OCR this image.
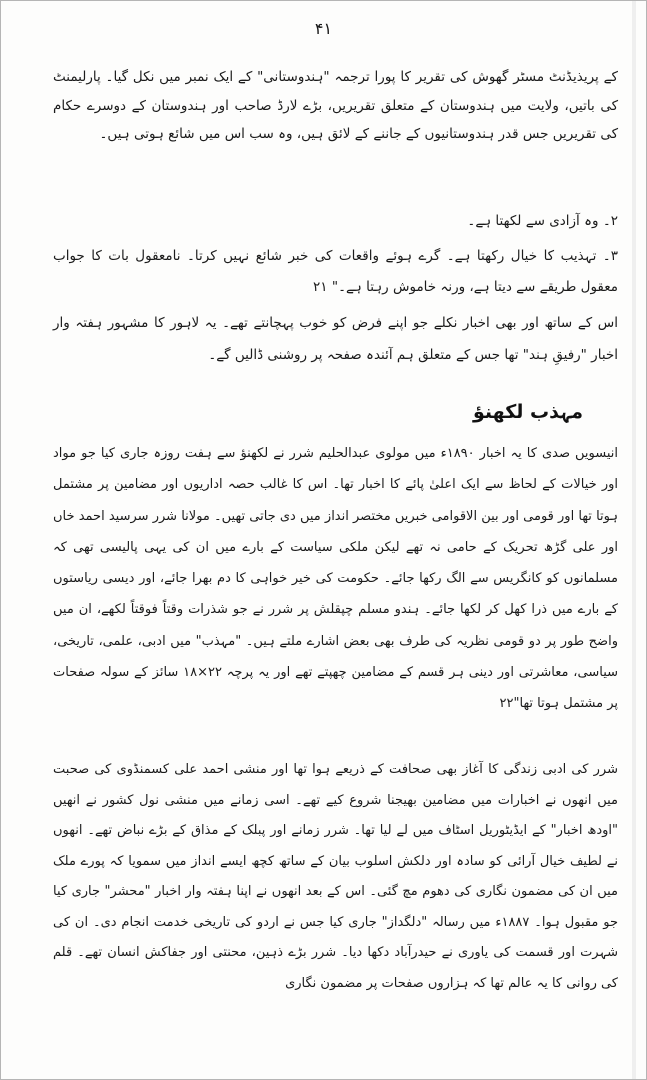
۴۱

کے پریذیڈنٹ مسٹر گھوش کی تقریر کا پورا ترجمہ "ہندوستانی" کے ایک نمبر میں نکل گیا۔ پارلیمنٹ کی باتیں، ولایت میں ہندوستان کے متعلق تقریریں، بڑے لارڈ صاحب اور ہندوستان کے دوسرے حکام کی تقریریں جس قدر ہندوستانیوں کے جاننے کے لائق ہیں، وہ سب اس میں شائع ہوتی ہیں۔

۲۔ وہ آزادی سے لکھتا ہے۔

۳۔ تہذیب کا خیال رکھتا ہے۔ گرے ہوئے واقعات کی خبر شائع نہیں کرتا۔ نامعقول بات کا جواب معقول طریقے سے دیتا ہے، ورنہ خاموش رہتا ہے۔" ۲۱

اس کے ساتھ اور بھی اخبار نکلے جو اپنے فرض کو خوب پہچانتے تھے۔ یہ لاہور کا مشہور ہفتہ وار اخبار "رفیقِ ہند" تھا جس کے متعلق ہم آئندہ صفحہ پر روشنی ڈالیں گے۔

مہذب لکھنؤ

انیسویں صدی کا یہ اخبار ۱۸۹۰ء میں مولوی عبدالحلیم شرر نے لکھنؤ سے ہفت روزہ جاری کیا جو مواد اور خیالات کے لحاظ سے ایک اعلیٰ پائے کا اخبار تھا۔ اس کا غالب حصہ اداریوں اور مضامین پر مشتمل ہوتا تھا اور قومی اور بین الاقوامی خبریں مختصر انداز میں دی جاتی تھیں۔ مولانا شرر سرسید احمد خاں اور علی گڑھ تحریک کے حامی نہ تھے لیکن ملکی سیاست کے بارے میں ان کی یہی پالیسی تھی کہ مسلمانوں کو کانگریس سے الگ رکھا جائے۔ حکومت کی خیر خواہی کا دم بھرا جائے، اور دیسی ریاستوں کے بارے میں ذرا کھل کر لکھا جائے۔ ہندو مسلم چپقلش پر شرر نے جو شذرات وقتاً فوقتاً لکھے، ان میں واضح طور پر دو قومی نظریہ کی طرف بھی بعض اشارے ملتے ہیں۔ "مہذب" میں ادبی، علمی، تاریخی، سیاسی، معاشرتی اور دینی ہر قسم کے مضامین چھپتے تھے اور یہ پرچہ ۲۲×۱۸ سائز کے سولہ صفحات پر مشتمل ہوتا تھا"۲۲

شرر کی ادبی زندگی کا آغاز بھی صحافت کے ذریعے ہوا تھا اور منشی احمد علی کسمنڈوی کی صحبت میں انھوں نے اخبارات میں مضامین بھیجنا شروع کیے تھے۔ اسی زمانے میں منشی نول کشور نے انھیں "اودھ اخبار" کے ایڈیٹوریل اسٹاف میں لے لیا تھا۔ شرر زمانے اور پبلک کے مذاق کے بڑے نباض تھے۔ انھوں نے لطیف خیال آرائی کو سادہ اور دلکش اسلوب بیان کے ساتھ کچھ ایسے انداز میں سمویا کہ پورے ملک میں ان کی مضمون نگاری کی دھوم مچ گئی۔ اس کے بعد انھوں نے اپنا ہفتہ وار اخبار "محشر" جاری کیا جو مقبول ہوا۔ ۱۸۸۷ء میں رسالہ "دلگداز" جاری کیا جس نے اردو کی تاریخی خدمت انجام دی۔ ان کی شہرت اور قسمت کی یاوری نے حیدرآباد دکھا دیا۔ شرر بڑے ذہین، محنتی اور جفاکش انسان تھے۔ قلم کی روانی کا یہ عالم تھا کہ ہزاروں صفحات پر مضمون نگاری
